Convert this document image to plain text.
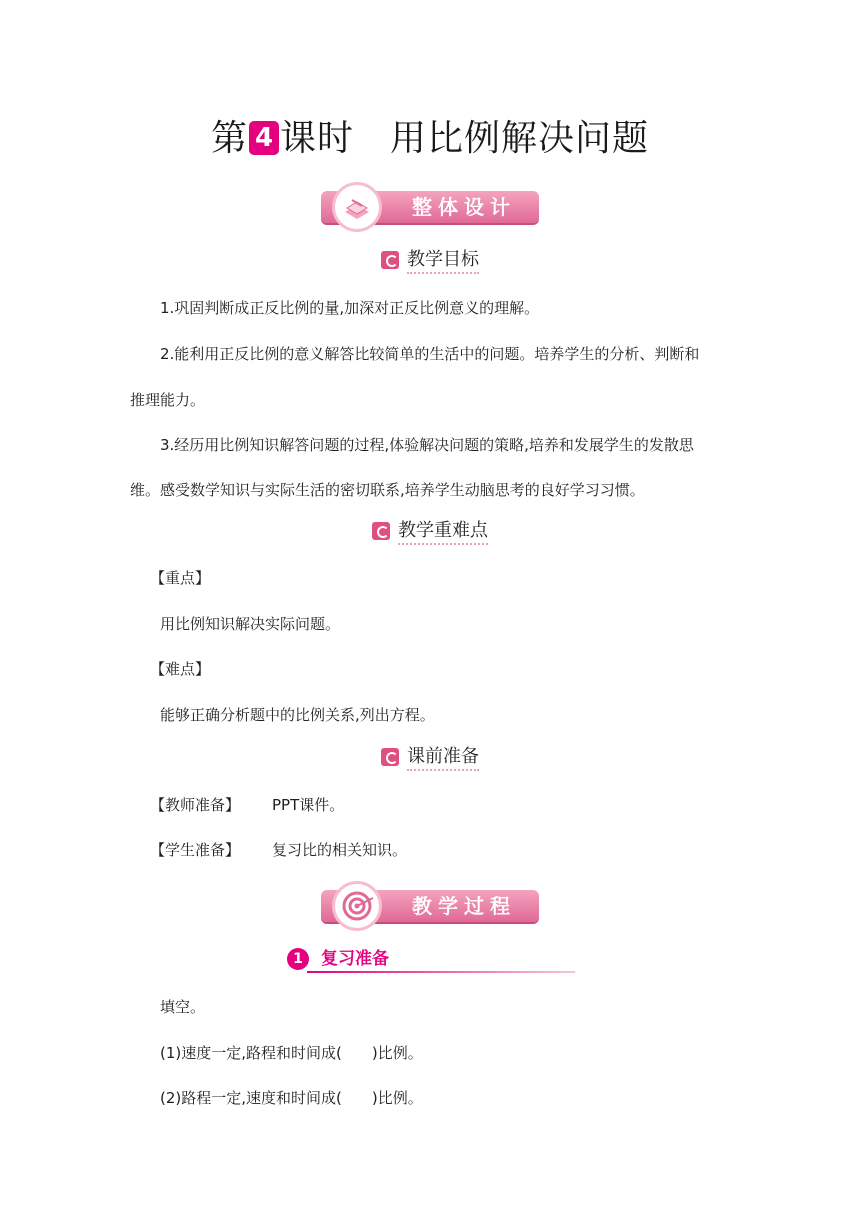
第 4 课时 用比例解决问题
整体设计
教学目标
1.巩固判断成正反比例的量,加深对正反比例意义的理解。
2.能利用正反比例的意义解答比较简单的生活中的问题。培养学生的分析、判断和
推理能力。
3.经历用比例知识解答问题的过程,体验解决问题的策略,培养和发展学生的发散思
维。感受数学知识与实际生活的密切联系,培养学生动脑思考的良好学习习惯。
教学重难点
【重点】
用比例知识解决实际问题。
【难点】
能够正确分析题中的比例关系,列出方程。
课前准备
【教师准备】 PPT课件。
【学生准备】 复习比的相关知识。
教学过程
1	复习准备
填空。
(1)速度一定,路程和时间成(　　)比例。
(2)路程一定,速度和时间成(　　)比例。
